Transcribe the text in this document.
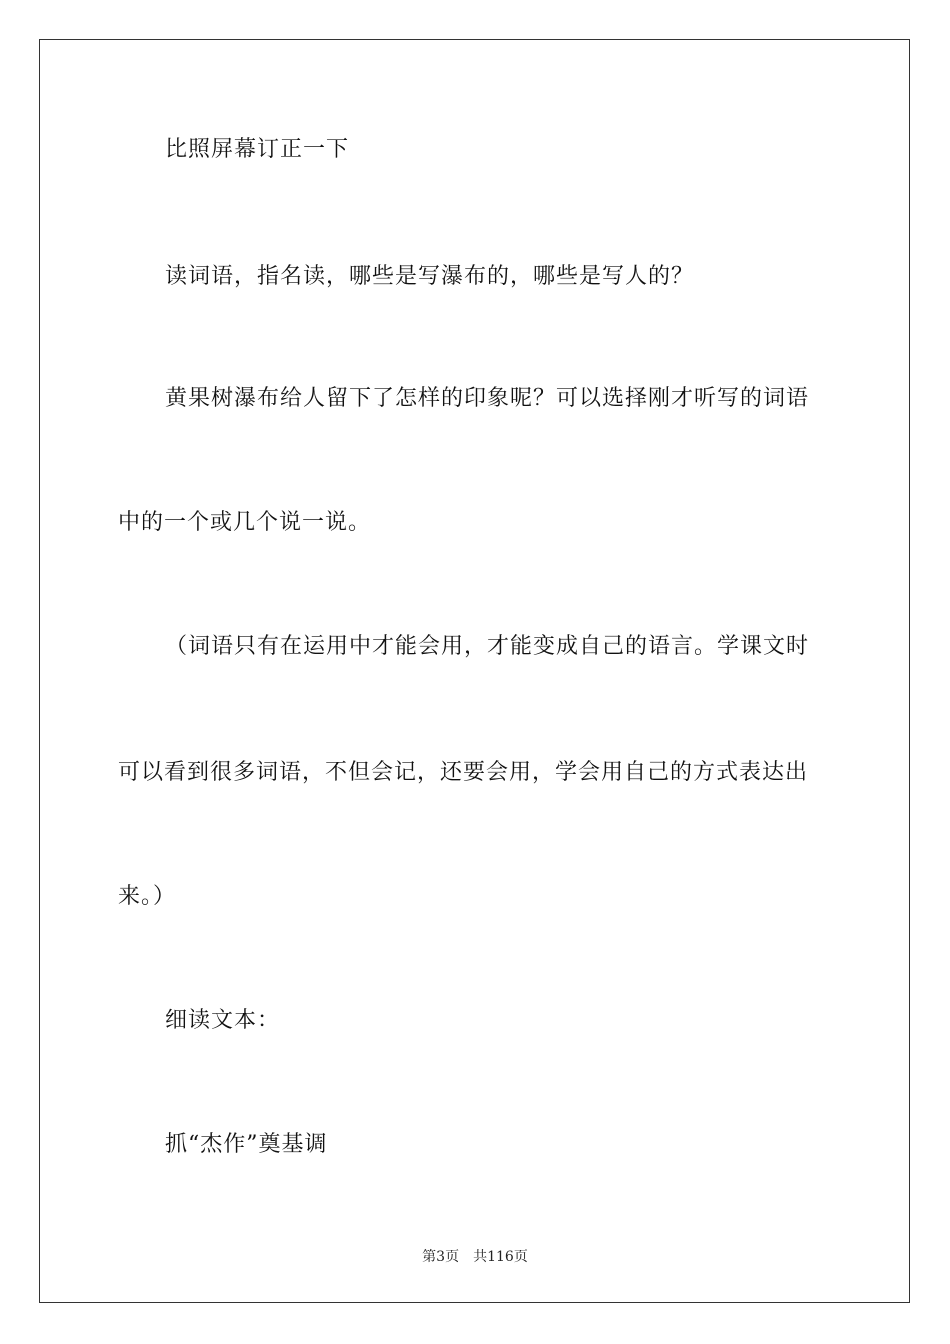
比照屏幕订正一下
读词语，指名读，哪些是写瀑布的，哪些是写人的？
黄果树瀑布给人留下了怎样的印象呢？可以选择刚才听写的词语
中的一个或几个说一说。
（词语只有在运用中才能会用，才能变成自己的语言。学课文时
可以看到很多词语，不但会记，还要会用，学会用自己的方式表达出
来。）
细读文本：
抓“杰作”奠基调
第3页 共116页
